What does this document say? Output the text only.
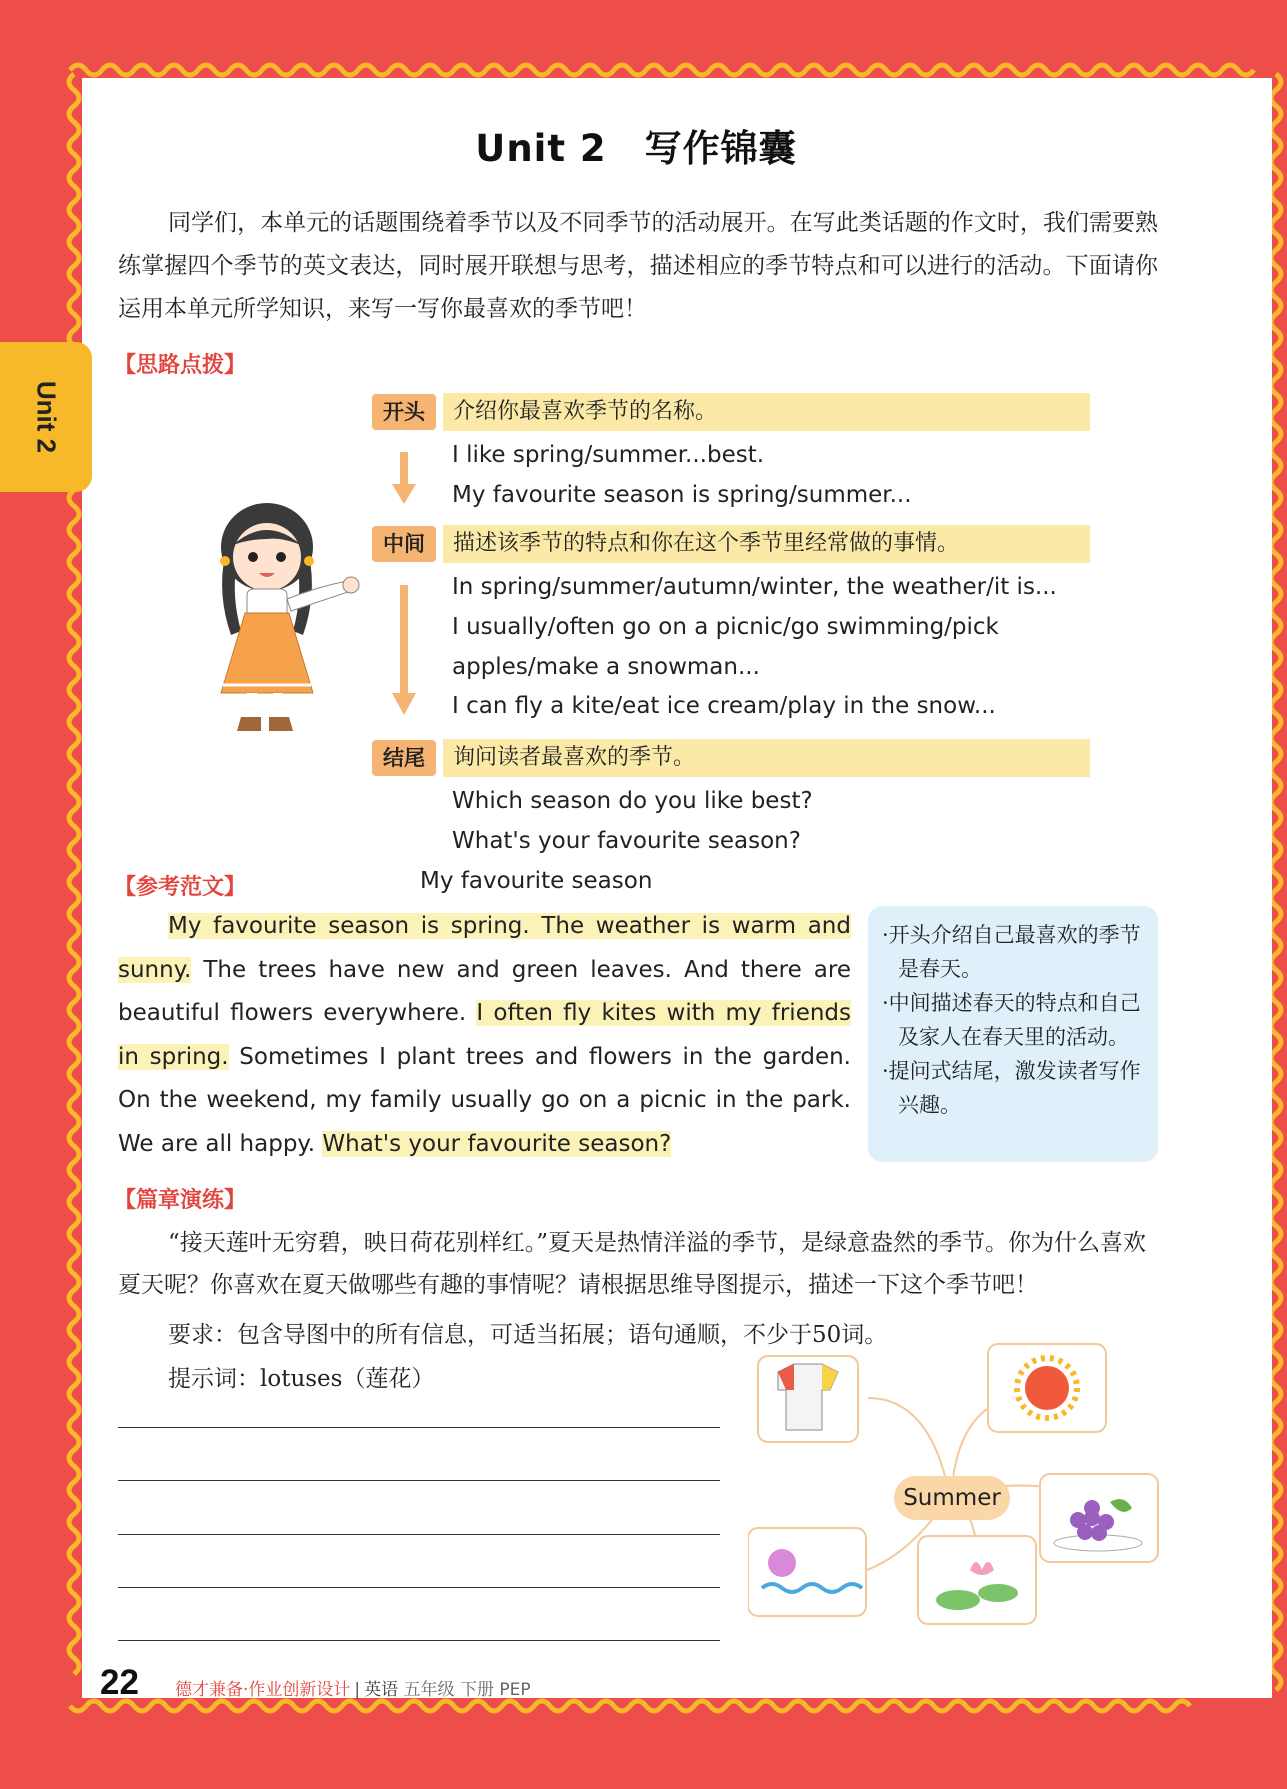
Unit 2
Unit 2　写作锦囊

同学们，本单元的话题围绕着季节以及不同季节的活动展开。在写此类话题的作文时，我们需要熟练掌握四个季节的英文表达，同时展开联想与思考，描述相应的季节特点和可以进行的活动。下面请你运用本单元所学知识，来写一写你最喜欢的季节吧！

【思路点拨】

开头	介绍你最喜欢季节的名称。
I like spring/summer...best.
My favourite season is spring/summer...
中间	描述该季节的特点和你在这个季节里经常做的事情。
In spring/summer/autumn/winter, the weather/it is...
I usually/often go on a picnic/go swimming/pick
apples/make a snowman...
I can fly a kite/eat ice cream/play in the snow...
结尾	询问读者最喜欢的季节。
Which season do you like best?
What's your favourite season?

【参考范文】	My favourite season

My favourite season is spring. The weather is warm and sunny. The trees have new and green leaves. And there are beautiful flowers everywhere. I often fly kites with my friends in spring. Sometimes I plant trees and flowers in the garden. On the weekend, my family usually go on a picnic in the park. We are all happy. What's your favourite season?

·开头介绍自己最喜欢的季节是春天。

·中间描述春天的特点和自己及家人在春天里的活动。

·提问式结尾，激发读者写作兴趣。

【篇章演练】

“接天莲叶无穷碧，映日荷花别样红。”夏天是热情洋溢的季节，是绿意盎然的季节。你为什么喜欢夏天呢？你喜欢在夏天做哪些有趣的事情呢？请根据思维导图提示，描述一下这个季节吧！

要求：包含导图中的所有信息，可适当拓展；语句通顺，不少于50词。

提示词：lotuses（莲花）

Summer
22 德才兼备·作业创新设计 | 英语 五年级 下册 PEP
